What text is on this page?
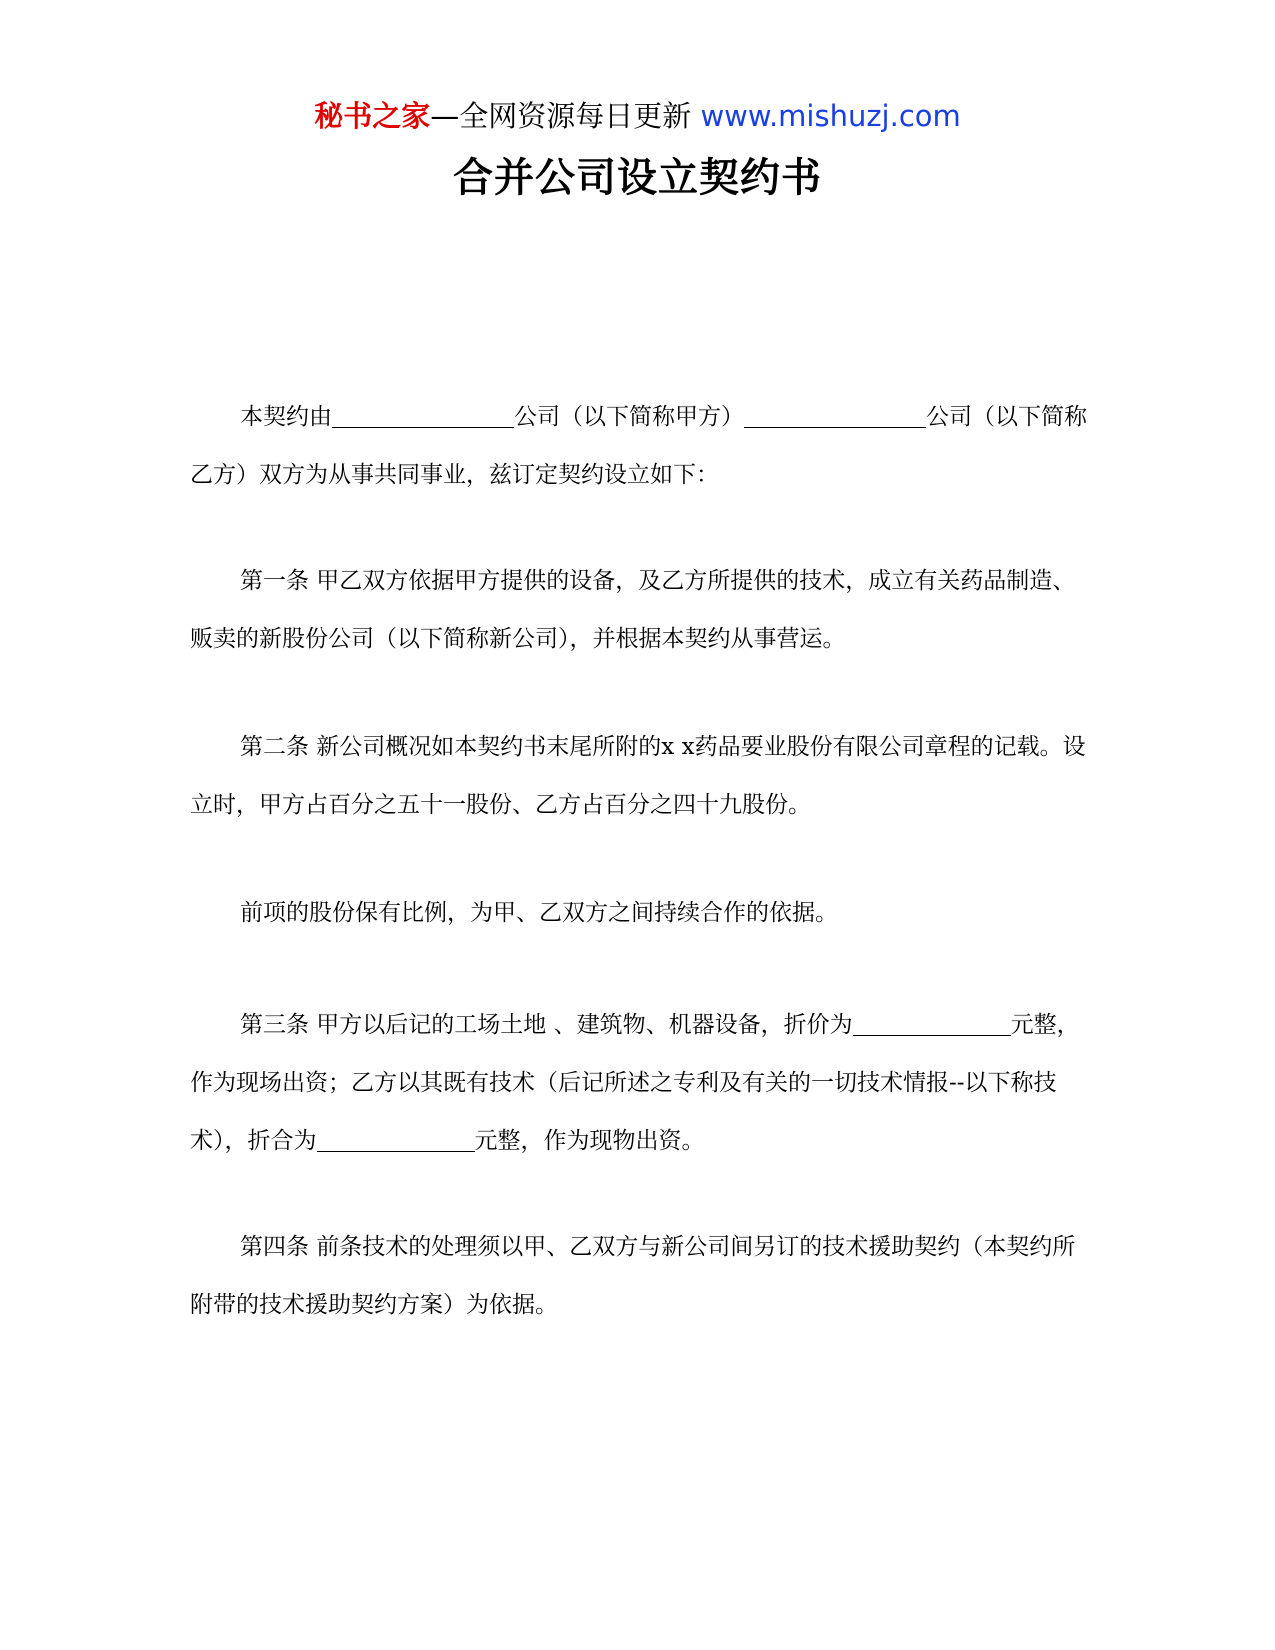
秘书之家—全网资源每日更新 www.mishuzj.com
合并公司设立契约书

本契约由	公司（以下简称甲方）	公司（以下简称乙方）双方为从事共同事业，兹订定契约设立如下：

第一条 甲乙双方依据甲方提供的设备，及乙方所提供的技术，成立有关药品制造、贩卖的新股份公司（以下简称新公司），并根据本契约从事营运。

第二条 新公司概况如本契约书末尾所附的x x药品要业股份有限公司章程的记载。设立时，甲方占百分之五十一股份、乙方占百分之四十九股份。

前项的股份保有比例，为甲、乙双方之间持续合作的依据。

第三条 甲方以后记的工场土地 、建筑物、机器设备，折价为	元整，作为现场出资；乙方以其既有技术（后记所述之专利及有关的一切技术情报--以下称技术），折合为	元整，作为现物出资。

第四条 前条技术的处理须以甲、乙双方与新公司间另订的技术援助契约（本契约所附带的技术援助契约方案）为依据。
